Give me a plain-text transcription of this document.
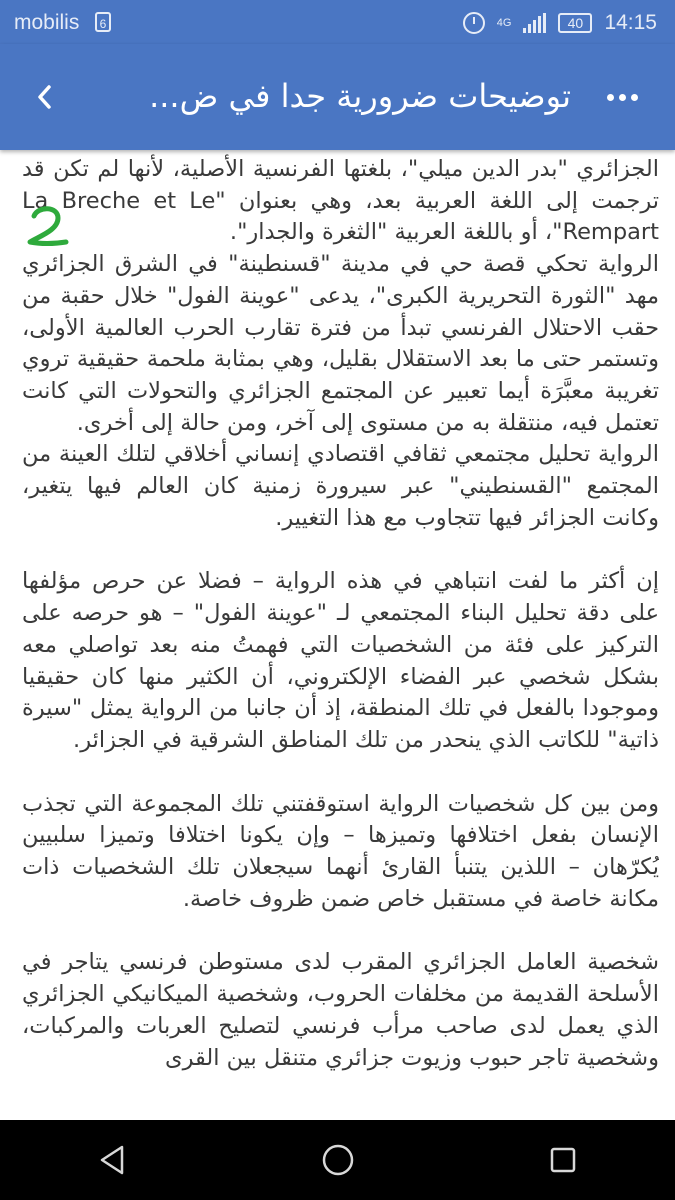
mobilis	6	4G	40	14:15
توضيحات ضرورية جدا في ض...

الجزائري "بدر الدين ميلي"، بلغتها الفرنسية الأصلية، لأنها لم تكن قد ترجمت إلى اللغة العربية بعد، وهي بعنوان "La Breche et Le Rempart"، أو باللغة العربية "الثغرة والجدار".

الرواية تحكي قصة حي في مدينة "قسنطينة" في الشرق الجزائري مهد "الثورة التحريرية الكبرى"، يدعى "عوينة الفول" خلال حقبة من حقب الاحتلال الفرنسي تبدأ من فترة تقارب الحرب العالمية الأولى، وتستمر حتى ما بعد الاستقلال بقليل، وهي بمثابة ملحمة حقيقية تروي تغريبة معبَّرَة أيما تعبير عن المجتمع الجزائري والتحولات التي كانت تعتمل فيه، منتقلة به من مستوى إلى آخر، ومن حالة إلى أخرى.

الرواية تحليل مجتمعي ثقافي اقتصادي إنساني أخلاقي لتلك العينة من المجتمع "القسنطيني" عبر سيرورة زمنية كان العالم فيها يتغير، وكانت الجزائر فيها تتجاوب مع هذا التغيير.

إن أكثر ما لفت انتباهي في هذه الرواية – فضلا عن حرص مؤلفها على دقة تحليل البناء المجتمعي لـ "عوينة الفول" – هو حرصه على التركيز على فئة من الشخصيات التي فهمتُ منه بعد تواصلي معه بشكل شخصي عبر الفضاء الإلكتروني، أن الكثير منها كان حقيقيا وموجودا بالفعل في تلك المنطقة، إذ أن جانبا من الرواية يمثل "سيرة ذاتية" للكاتب الذي ينحدر من تلك المناطق الشرقية في الجزائر.

ومن بين كل شخصيات الرواية استوقفتني تلك المجموعة التي تجذب الإنسان بفعل اختلافها وتميزها – وإن يكونا اختلافا وتميزا سلبيين يُكرّهان – اللذين يتنبأ القارئ أنهما سيجعلان تلك الشخصيات ذات مكانة خاصة في مستقبل خاص ضمن ظروف خاصة.

شخصية العامل الجزائري المقرب لدى مستوطن فرنسي يتاجر في الأسلحة القديمة من مخلفات الحروب، وشخصية الميكانيكي الجزائري الذي يعمل لدى صاحب مرأب فرنسي لتصليح العربات والمركبات، وشخصية تاجر حبوب وزيوت جزائري متنقل بين القرى
